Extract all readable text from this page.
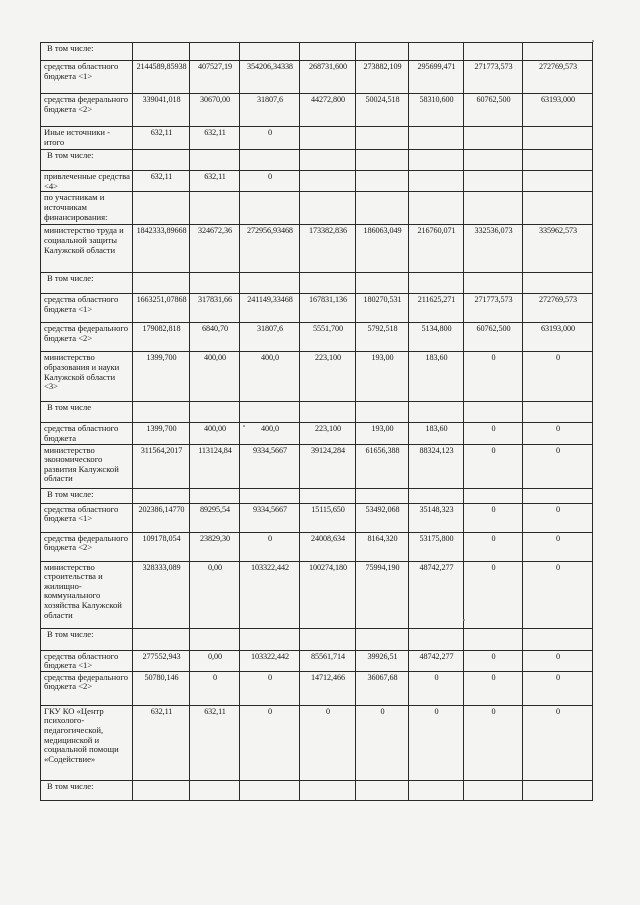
В том числе:								
средства областного бюджета <1>	2144589,85938	407527,19	354206,34338	268731,600	273882,109	295699,471	271773,573	272769,573
средства федерального бюджета <2>	339041,018	30670,00	31807,6	44272,800	50024,518	58310,600	60762,500	63193,000
Иные источники - итого	632,11	632,11	0					
В том числе:								
привлеченные средства <4>	632,11	632,11	0					
по участникам и источникам финансирования:								
министерство труда и социальной защиты Калужской области	1842333,89668	324672,36	272956,93468	173382,836	186063,049	216760,071	332536,073	335962,573
В том числе:								
средства областного бюджета <1>	1663251,07868	317831,66	241149,33468	167831,136	180270,531	211625,271	271773,573	272769,573
средства федерального бюджета <2>	179082,818	6840,70	31807,6	5551,700	5792,518	5134,800	60762,500	63193,000
министерство образования и науки Калужской области <3>	1399,700	400,00	400,0	223,100	193,00	183,60	0	0
В том числе								
средства областного бюджета	1399,700	400,00	400,0	223,100	193,00	183,60	0	0
министерство экономического развития Калужской области	311564,2017	113124,84	9334,5667	39124,284	61656,388	88324,123	0	0
В том числе:								
средства областного бюджета <1>	202386,14770	89295,54	9334,5667	15115,650	53492,068	35148,323	0	0
средства федерального бюджета <2>	109178,054	23829,30	0	24008,634	8164,320	53175,800	0	0
министерство строительства и жилищно-коммунального хозяйства Калужской области	328333,089	0,00	103322,442	100274,180	75994,190	48742,277	0	0
В том числе:								
средства областного бюджета <1>	277552,943	0,00	103322,442	85561,714	39926,51	48742,277	0	0
средства федерального бюджета <2>	50780,146	0	0	14712,466	36067,68	0	0	0
ГКУ КО «Центр психолого-педагогической, медицинской и социальной помощи «Содействие»	632,11	632,11	0	0	0	0	0	0
В том числе:								
